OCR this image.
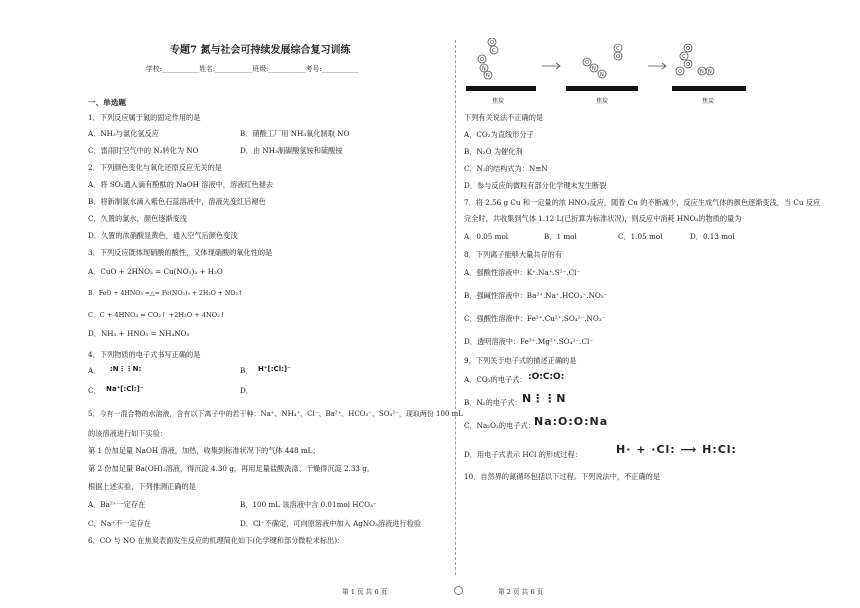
专题7 氮与社会可持续发展综合复习训练
学校:___________姓名:___________班级:___________考号:___________
一、单选题
1．下列反应属于氮的固定作用的是
A．NH₃与氯化氢反应	B．硝酸工厂用 NH₃氧化制取 NO
C．雷雨时空气中的 N₂转化为 NO	D．由 NH₃制碳酸氢铵和硫酸铵
2．下列颜色变化与氧化还原反应无关的是
A．将 SO₂通入滴有酚酞的 NaOH 溶液中，溶液红色褪去
B．将新制氯水滴入紫色石蕊溶液中，溶液先变红后褪色
C．久置的氯水，颜色逐渐变浅
D．久置的浓硝酸显黄色，通入空气后颜色变浅
3．下列反应既体现硝酸的酸性，又体现硝酸的氧化性的是
A．CuO + 2HNO₃ = Cu(NO₃)₂ + H₂O
B．FeO + 4HNO₃ =△= Fe(NO₃)₃ + 2H₂O + NO₂↑
C．C + 4HNO₃ = CO₂↑ +2H₂O + 4NO₂↑
D．NH₃ + HNO₃ = NH₄NO₃
4．下列物质的电子式书写正确的是
A． :N⋮⋮N:	B． H⁺[:Cl:]⁻
C． Na⁺[:Cl:]⁻	D．
5．今有一混合物的水溶液，含有以下离子中的若干种：Na⁺、NH₄⁺、Cl⁻、Ba²⁺、HCO₃⁻、SO₄²⁻，现取两份 100 mL
的该溶液进行如下实验：
第 1 份加足量 NaOH 溶液，加热，收集到标准状况下的气体 448 mL；
第 2 份加足量 Ba(OH)₂溶液，得沉淀 4.30 g，再用足量盐酸洗涤、干燥得沉淀 2.33 g。
根据上述实验，下列推测正确的是
A．Ba²⁺一定存在	B．100 mL 该溶液中含 0.01mol HCO₃⁻
C．Na⁺不一定存在	D．Cl⁻不确定，可向原溶液中加入 AgNO₃溶液进行检验
6．CO 与 NO 在焦炭表面发生反应的机理简化如下(化学键和部分微粒未标出)：
N
N
O
C
O
N
N
O
C
O
O
C
O
N N
O
焦炭	焦炭	焦炭
下列有关说法不正确的是
A．CO₂为直线形分子
B．N₂O 为催化剂
C．N₂的结构式为：N≡N
D．参与反应的微粒有部分化学键未发生断裂
7．将 2.56 g Cu 和一定量的浓 HNO₃反应，随着 Cu 的不断减少，反应生成气体的颜色逐渐变浅，当 Cu 反应
完全时，共收集到气体 1.12 L(已折算为标准状况)，则反应中消耗 HNO₃的物质的量为
A．0.05 mol	B．1 mol	C．1.05 mol	D．0.13 mol
8．下列离子能够大量共存的有
A．强酸性溶液中：K⁺.Na⁺.S²⁻.Cl⁻
B．强碱性溶液中：Ba²⁺.Na⁺.HCO₃⁻.NO₃⁻
C．强酸性溶液中：Fe²⁺.Cu²⁺.SO₄²⁻.NO₃⁻
D．透明溶液中：Fe³⁺.Mg²⁺.SO₄²⁻.Cl⁻
9．下列关于电子式的描述正确的是
A．CO₂的电子式： :O:C:O:
B．N₂的电子式： N⋮⋮N
C．Na₂O₂的电子式： Na:O:O:Na
D．用电子式表示 HCl 的形成过程：	H· + ·Cl: ⟶ H:Cl:
10．自然界的氮循环包括以下过程。下列说法中，不正确的是
第 1 页 共 6 页	第 2 页 共 6 页
